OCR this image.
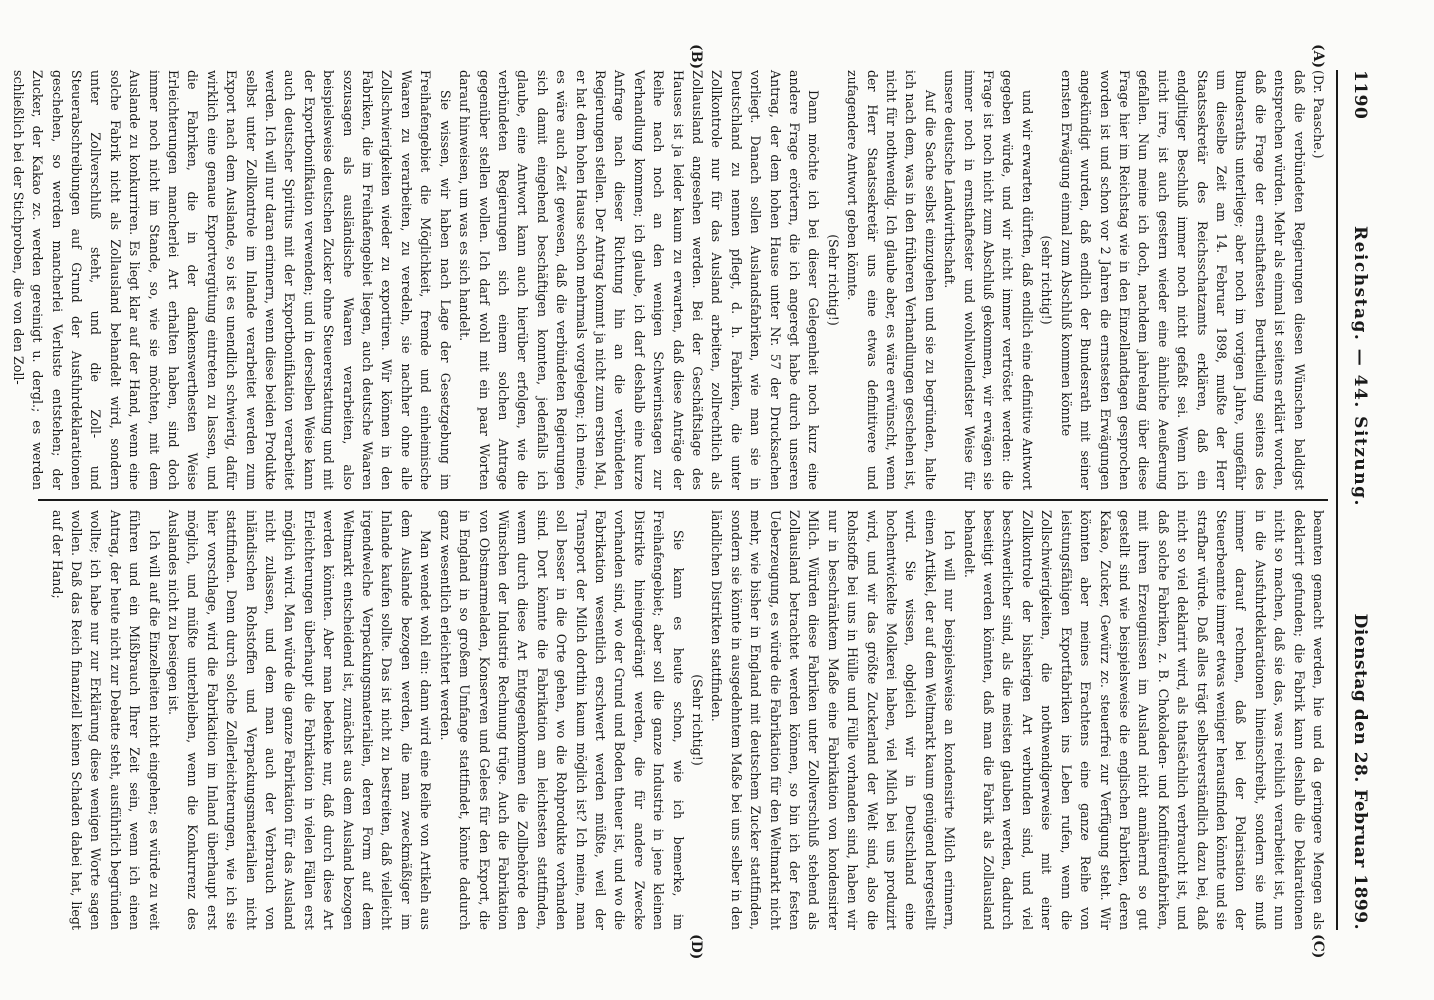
1190
Reichstag. — 44. Sitzung.
Dienstag den 28. Februar 1899.
(A)
(B)
(C)
(D)

(Dr. Paasche.)

daß die verbündeten Regierungen diesen Wünschen baldigst entsprechen würden. Mehr als einmal ist seitens erklärt worden, daß die Frage der ernsthaftesten Beurtheilung seitens des Bundesraths unterliege; aber noch im vorigen Jahre, ungefähr um dieselbe Zeit am 14. Februar 1898, mußte der Herr Staatssekretär des Reichsschatzamts erklären, daß ein endgiltiger Beschluß immer noch nicht gefaßt sei. Wenn ich nicht irre, ist auch gestern wieder eine ähnliche Aeußerung gefallen. Nun meine ich doch, nachdem jahrelang über diese Frage hier im Reichstag wie in den Einzellandtagen gesprochen worden ist und schon vor 2 Jahren die ernstesten Erwägungen angekündigt wurden, daß endlich der Bundesrath mit seiner ernsten Erwägung einmal zum Abschluß kommen könnte

(sehr richtig!)

und wir erwarten dürften, daß endlich eine definitive Antwort gegeben würde, und wir nicht immer vertröstet werden: die Frage ist noch nicht zum Abschluß gekommen, wir erwägen sie immer noch in ernsthaftester und wohlwollendster Weise für unsere deutsche Landwirthschaft.

Auf die Sache selbst einzugehen und sie zu begründen, halte ich nach dem, was in den früheren Verhandlungen geschehen ist, nicht für nothwendig. Ich glaube aber, es wäre erwünscht, wenn der Herr Staatssekretär uns eine etwas definitivere und zufagendere Antwort geben könnte.

(Sehr richtig!)

Dann möchte ich bei dieser Gelegenheit noch kurz eine andere Frage erörtern, die ich angeregt habe durch unseren Antrag, der dem hohen Hause unter Nr. 57 der Drucksachen vorliegt. Danach sollen Auslandsfabriken, wie man sie in Deutschland zu nennen pflegt, d. h. Fabriken, die unter Zollkontrole nur für das Ausland arbeiten, zollrechtlich als Zollausland angesehen werden. Bei der Geschäftslage des Hauses ist ja leider kaum zu erwarten, daß diese Anträge der Reihe nach noch an den wenigen Schwerinstagen zur Verhandlung kommen; ich glaube, ich darf deshalb eine kurze Anfrage nach dieser Richtung hin an die verbündeten Regierungen stellen. Der Antrag kommt ja nicht zum ersten Mal, er hat dem hohen Hause schon mehrmals vorgelegen; ich meine, es wäre auch Zeit gewesen, daß die verbündeten Regierungen sich damit eingehend beschäftigen konnten, jedenfalls ich glaube, eine Antwort kann auch hierüber erfolgen, wie die verbündeten Regierungen sich einem solchen Antrage gegenüber stellen wollen. Ich darf wohl mit ein paar Worten darauf hinweisen, um was es sich handelt.

Sie wissen, wir haben nach Lage der Gesetzgebung im Freihafengebiet die Möglichkeit, fremde und einheimische Waaren zu verarbeiten, zu veredeln, sie nachher ohne alle Zollschwierigkeiten wieder zu exportiren. Wir können in den Fabriken, die im Freihafengebiet liegen, auch deutsche Waaren sozusagen als ausländische Waaren verarbeiten, also beispielsweise deutschen Zucker ohne Steuererstattung und mit der Exportbonifikation verwenden; und in derselben Weise kann auch deutscher Spiritus mit der Exportbonifikation verarbeitet werden. Ich will nur daran erinnern, wenn diese beiden Produkte selbst unter Zollkontrole im Inlande verarbeitet werden zum Export nach dem Auslande, so ist es unendlich schwierig, dafür wirklich eine genaue Exportvergütung eintreten zu lassen, und die Fabriken, die in der dankenswerthesten Weise Erleichterungen mancherlei Art erhalten haben, sind doch immer noch nicht im Stande, so, wie sie möchten, mit dem Auslande zu konkurriren. Es liegt klar auf der Hand, wenn eine solche Fabrik nicht als Zollausland behandelt wird, sondern unter Zollverschluß steht, und die Zoll- und Steuerabschreibungen auf Grund der Ausfuhrdeklarationen geschehen, so werden mancherlei Verluste entstehen; der Zucker, der Kakao zc. werden gereinigt u. dergl.; es werden schließlich bei der Stichproben, die von den Zoll-

beamten gemacht werden, hie und da geringere Mengen als deklarirt gefunden; die Fabrik kann deshalb die Deklarationen nicht so machen, daß sie das, was reichlich verarbeitet ist, nun in die Ausfuhrdeklarationen hineinschreibt, sondern sie muß immer darauf rechnen, daß bei der Polarisation der Steuerbeamte immer etwas weniger herausfinden könnte und sie strafbar würde. Daß alles trägt selbstverständlich dazu bei, daß nicht so viel deklarirt wird, als thatsächlich verbraucht ist, und daß solche Fabriken, z. B. Chokoladen- und Konfitürenfabriken, mit ihren Erzeugnissen im Ausland nicht annähernd so gut gestellt sind wie beispielsweise die englischen Fabriken, deren Kakao, Zucker, Gewürz zc. steuerfrei zur Verfügung steht. Wir könnten aber meines Erachtens eine ganze Reihe von leistungsfähigen Exportfabriken ins Leben rufen, wenn die Zollschwierigkeiten, die nothwendigerweise mit einer Zollkontrole der bisherigen Art verbunden sind, und viel beschwerlicher sind, als die meisten glauben werden, dadurch beseitigt werden könnten, daß man die Fabrik als Zollausland behandelt.

Ich will nur beispielsweise an kondensirte Milch erinnern, einen Artikel, der auf dem Weltmarkt kaum genügend hergestellt wird. Sie wissen, obgleich wir in Deutschland eine hochentwickelte Molkerei haben, viel Milch bei uns produzirt wird, und wir das größte Zuckerland der Welt sind, also die Rohstoffe bei uns in Hülle und Fülle vorhanden sind, haben wir nur in beschränktem Maße eine Fabrikation von kondensirter Milch. Würden diese Fabriken unter Zollverschluß stehend als Zollausland betrachtet werden können, so bin ich der festen Ueberzeugung, es würde die Fabrikation für den Weltmarkt nicht mehr, wie bisher in England mit deutschem Zucker stattfinden, sondern sie könnte in ausgedehntem Maße bei uns selber in den ländlichen Distrikten stattfinden.

(Sehr richtig!)

Sie kann es heute schon, wie ich bemerke, im Freihafengebiet; aber soll die ganze Industrie in jene kleinen Distrikte hineingedrängt werden, die für andere Zwecke vorhanden sind, wo der Grund und Boden theuer ist, und wo die Fabrikation wesentlich erschwert werden müßte, weil der Transport der Milch dorthin kaum möglich ist? Ich meine, man soll besser in die Orte gehen, wo die Rohprodukte vorhanden sind. Dort könnte die Fabrikation am leichtesten stattfinden, wenn durch diese Art Entgegenkommen die Zollbehörde den Wünschen der Industrie Rechnung trüge. Auch die Fabrikation von Obstmarmeladen, Konserven und Gelees für den Export, die in England in so großem Umfange stattfindet, könnte dadurch ganz wesentlich erleichtert werden.

Man wendet wohl ein: dann wird eine Reihe von Artikeln aus dem Auslande bezogen werden, die man zweckmäßiger im Inlande kaufen sollte. Das ist nicht zu bestreiten, daß vielleicht irgendwelche Verpackungsmaterialien, deren Form auf dem Weltmarkt entscheidend ist, zunächst aus dem Ausland bezogen werden könnten. Aber man bedenke nur, daß durch diese Art Erleichterungen überhaupt die Fabrikation in vielen Fällen erst möglich wird. Man würde die ganze Fabrikation für das Ausland nicht zulassen, und dem man auch der Verbrauch von inländischen Rohstoffen und Verpackungsmaterialien nicht stattfinden. Denn durch solche Zollerleichterungen, wie ich sie hier vorschlage, wird die Fabrikation im Inland überhaupt erst möglich, und müßte unterbleiben, wenn die Konkurrenz des Auslandes nicht zu besiegen ist.

Ich will auf die Einzelheiten nicht eingehen; es würde zu weit führen und ein Mißbrauch Ihrer Zeit sein, wenn ich einen Antrag, der heute nicht zur Debatte steht, ausführlich begründen wollte; ich habe nur zur Erklärung diese wenigen Worte sagen wollen. Daß das Reich finanziell keinen Schaden dabei hat, liegt auf der Hand;
